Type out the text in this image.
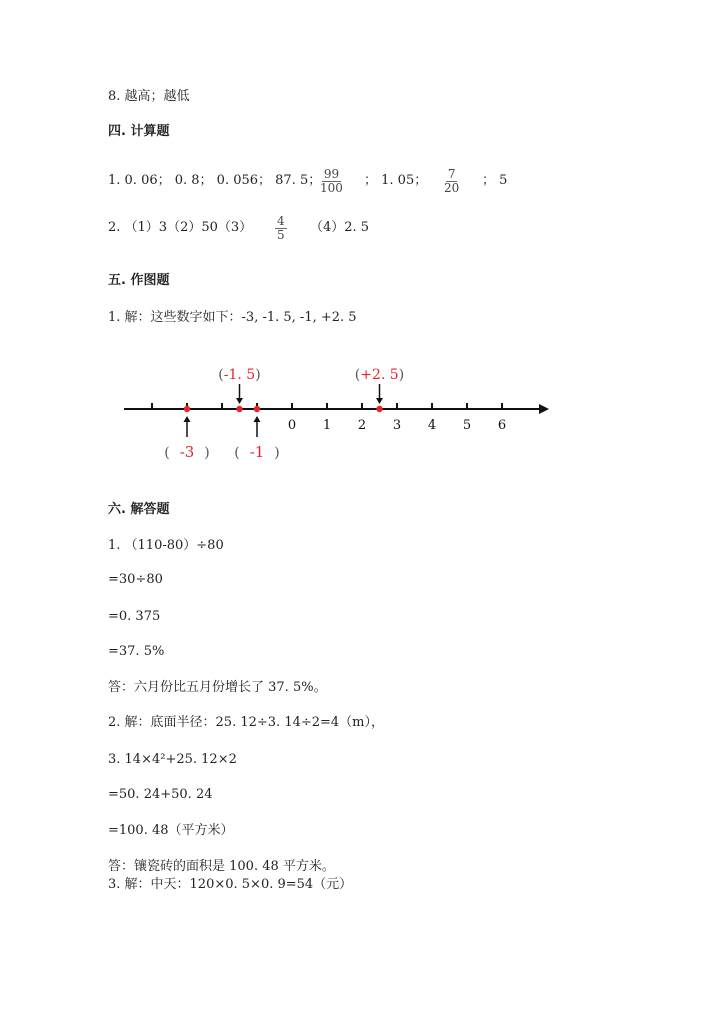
8. 越高；越低
四. 计算题
1. 0. 06； 0. 8； 0. 056； 87. 5；
$\frac{99}{100}$ ； 1. 05； $\frac{7}{20}$ ； 5
2. $(1)3(2)50(3) \frac{4}{5} (4)2$. 5
五. 作图题
1. 解：这些数字如下：-3, -1. 5, -1, +2. 5
0 1 2 3 4 5 6
( -3 )
(-1. 5)
( -1 )
(+2. 5)
六. 解答题
1. （110-80）÷80
=30÷80
=0. 375
=37. 5%
答：六月份比五月份增长了 37. 5%。
2. 解：底面半径：25. 12÷3. 14÷2=4（m），
3. 14×4²+25. 12×2
=50. 24+50. 24
=100. 48（平方米）
答：镶瓷砖的面积是 100. 48 平方米。
3. 解：中天：120×0. 5×0. 9=54（元）
